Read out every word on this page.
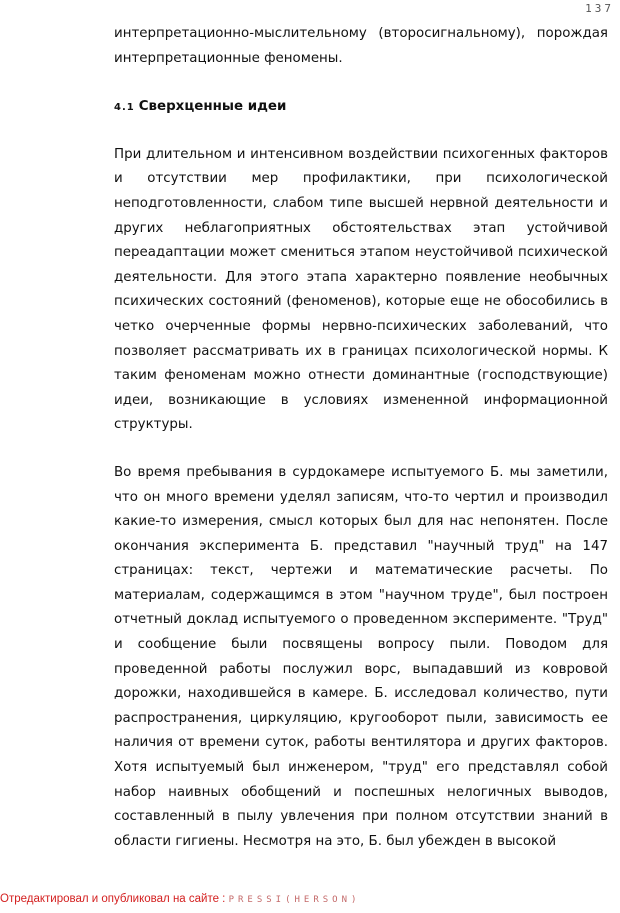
137

интерпретационно-мыслительному (второсигнальному), порождая интерпретационные феномены.

4.1 Сверхценные идеи

При длительном и интенсивном воздействии психогенных факторов и отсутствии мер профилактики, при психологической неподготовленности, слабом типе высшей нервной деятельности и других неблагоприятных обстоятельствах этап устойчивой переадаптации может смениться этапом неустойчивой психической деятельности. Для этого этапа характерно появление необычных психических состояний (феноменов), которые еще не обособились в четко очерченные формы нервно-психических заболеваний, что позволяет рассматривать их в границах психологической нормы. К таким феноменам можно отнести доминантные (господствующие) идеи, возникающие в условиях измененной информационной структуры.

Во время пребывания в сурдокамере испытуемого Б. мы заметили, что он много времени уделял записям, что-то чертил и производил какие-то измерения, смысл которых был для нас непонятен. После окончания эксперимента Б. представил "научный труд" на 147 страницах: текст, чертежи и математические расчеты. По материалам, содержащимся в этом "научном труде", был построен отчетный доклад испытуемого о проведенном эксперименте. "Труд" и сообщение были посвящены вопросу пыли. Поводом для проведенной работы послужил ворс, выпадавший из ковровой дорожки, находившейся в камере. Б. исследовал количество, пути распространения, циркуляцию, кругооборот пыли, зависимость ее наличия от времени суток, работы вентилятора и других факторов. Хотя испытуемый был инженером, "труд" его представлял собой набор наивных обобщений и поспешных нелогичных выводов, составленный в пылу увлечения при полном отсутствии знаний в области гигиены. Несмотря на это, Б. был убежден в высокой

Отредактировал и опубликовал на сайте : PRESSI(HERSON)
